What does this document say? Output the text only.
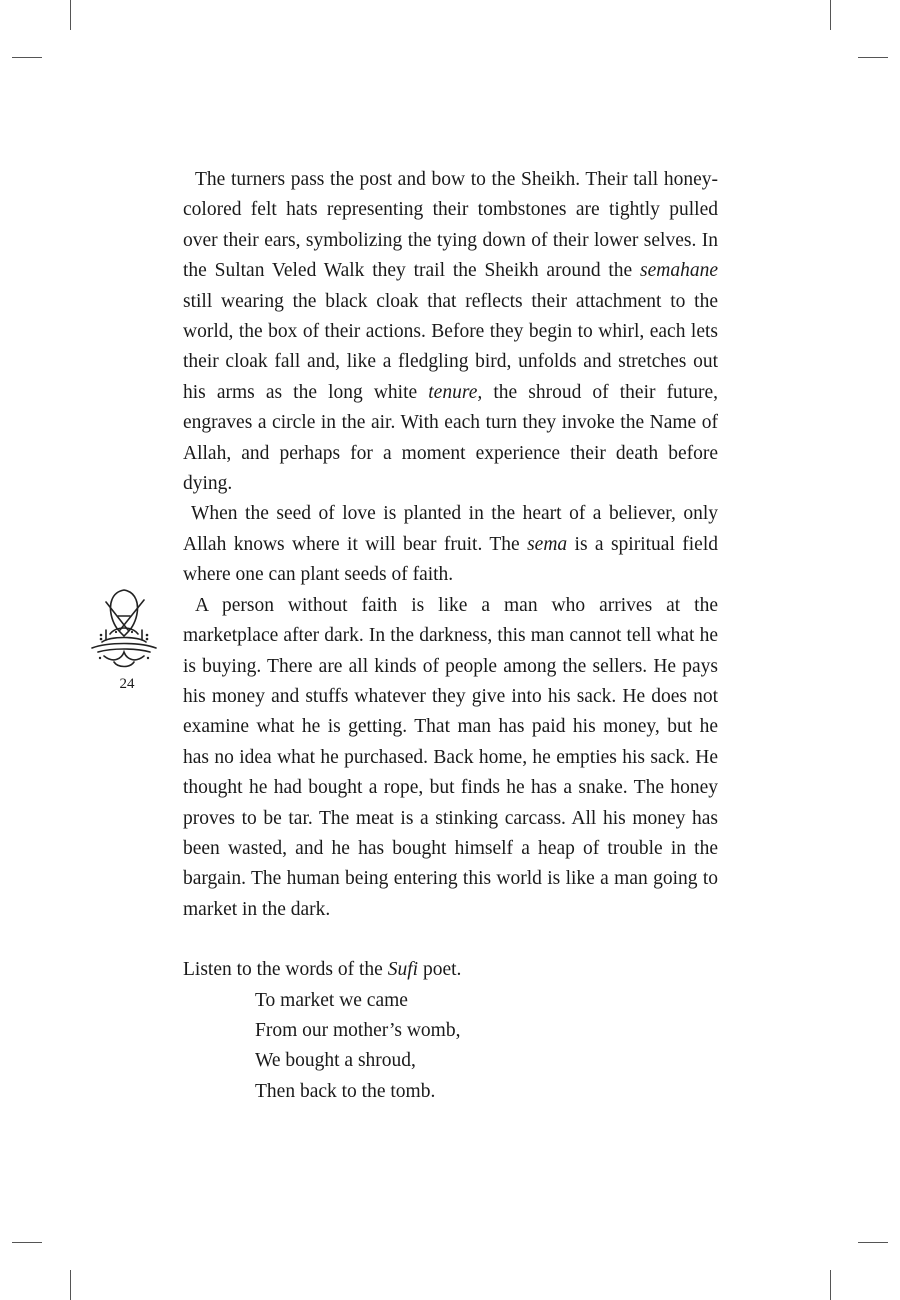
The turners pass the post and bow to the Sheikh. Their tall honey-colored felt hats representing their tombstones are tightly pulled over their ears, symbolizing the tying down of their lower selves. In the Sultan Veled Walk they trail the Sheikh around the semahane still wearing the black cloak that reflects their attachment to the world, the box of their actions. Before they begin to whirl, each lets their cloak fall and, like a fledgling bird, unfolds and stretches out his arms as the long white tenure, the shroud of their future, engraves a circle in the air. With each turn they invoke the Name of Allah, and perhaps for a moment experience their death before dying.

When the seed of love is planted in the heart of a believer, only Allah knows where it will bear fruit. The sema is a spiritual field where one can plant seeds of faith.

A person without faith is like a man who arrives at the marketplace after dark. In the darkness, this man cannot tell what he is buying. There are all kinds of people among the sellers. He pays his money and stuffs whatever they give into his sack. He does not examine what he is getting. That man has paid his money, but he has no idea what he purchased. Back home, he empties his sack. He thought he had bought a rope, but finds he has a snake. The honey proves to be tar. The meat is a stinking carcass. All his money has been wasted, and he has bought himself a heap of trouble in the bargain. The human being entering this world is like a man going to market in the dark.

Listen to the words of the Sufi poet.

To market we came
From our mother’s womb,
We bought a shroud,
Then back to the tomb.
24
